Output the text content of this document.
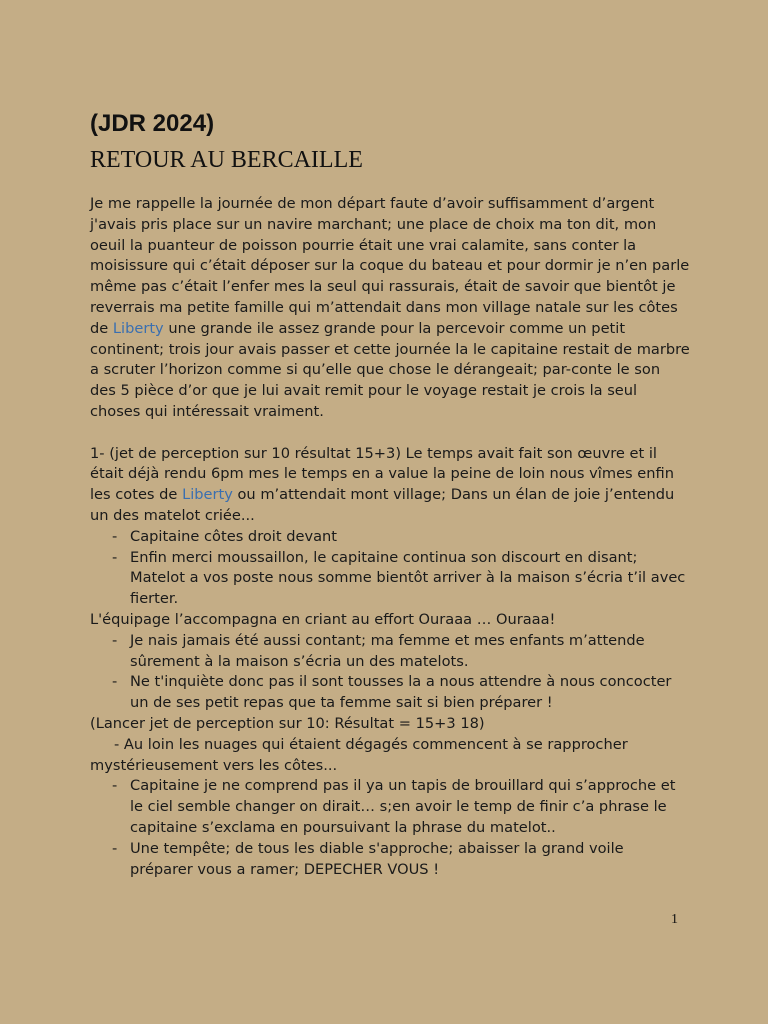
(JDR 2024)
RETOUR AU BERCAILLE

Je me rappelle la journée de mon départ faute d’avoir suffisamment d’argent j'avais pris place sur un navire marchant; une place de choix ma ton dit, mon oeuil la puanteur de poisson pourrie était une vrai calamite, sans conter la moisissure qui c’était déposer sur la coque du bateau et pour dormir je n’en parle même pas c’était l’enfer mes la seul qui rassurais, était de savoir que bientôt je reverrais ma petite famille qui m’attendait dans mon village natale sur les côtes de Liberty une grande ile assez grande pour la percevoir comme un petit continent; trois jour avais passer et cette journée la le capitaine restait de marbre a scruter l’horizon comme si qu’elle que chose le dérangeait; par-conte le son des 5 pièce d’or que je lui avait remit pour le voyage restait je crois la seul choses qui intéressait vraiment.

1- (jet de perception sur 10 résultat 15+3) Le temps avait fait son œuvre et il était déjà rendu 6pm mes le temps en a value la peine de loin nous vîmes enfin les cotes de Liberty ou m’attendait mont village; Dans un élan de joie j’entendu un des matelot criée...

- Capitaine côtes droit devant
- Enfin merci moussaillon, le capitaine continua son discourt en disant; Matelot a vos poste nous somme bientôt arriver à la maison s’écria t’il avec fierter.

L'équipage l’accompagna en criant au effort Ouraaa … Ouraaa!

- Je nais jamais été aussi contant; ma femme et mes enfants m’attende sûrement à la maison s’écria un des matelots.
- Ne t'inquiète donc pas il sont tousses la a nous attendre à nous concocter un de ses petit repas que ta femme sait si bien préparer !

(Lancer jet de perception sur 10: Résultat = 15+3 18)

- Au loin les nuages qui étaient dégagés commencent à se rapprocher mystérieusement vers les côtes...

- Capitaine je ne comprend pas il ya un tapis de brouillard qui s’approche et le ciel semble changer on dirait… s;en avoir le temp de finir c’a phrase le capitaine s’exclama en poursuivant la phrase du matelot..
- Une tempête; de tous les diable s'approche; abaisser la grand voile préparer vous a ramer; DEPECHER VOUS !
1
